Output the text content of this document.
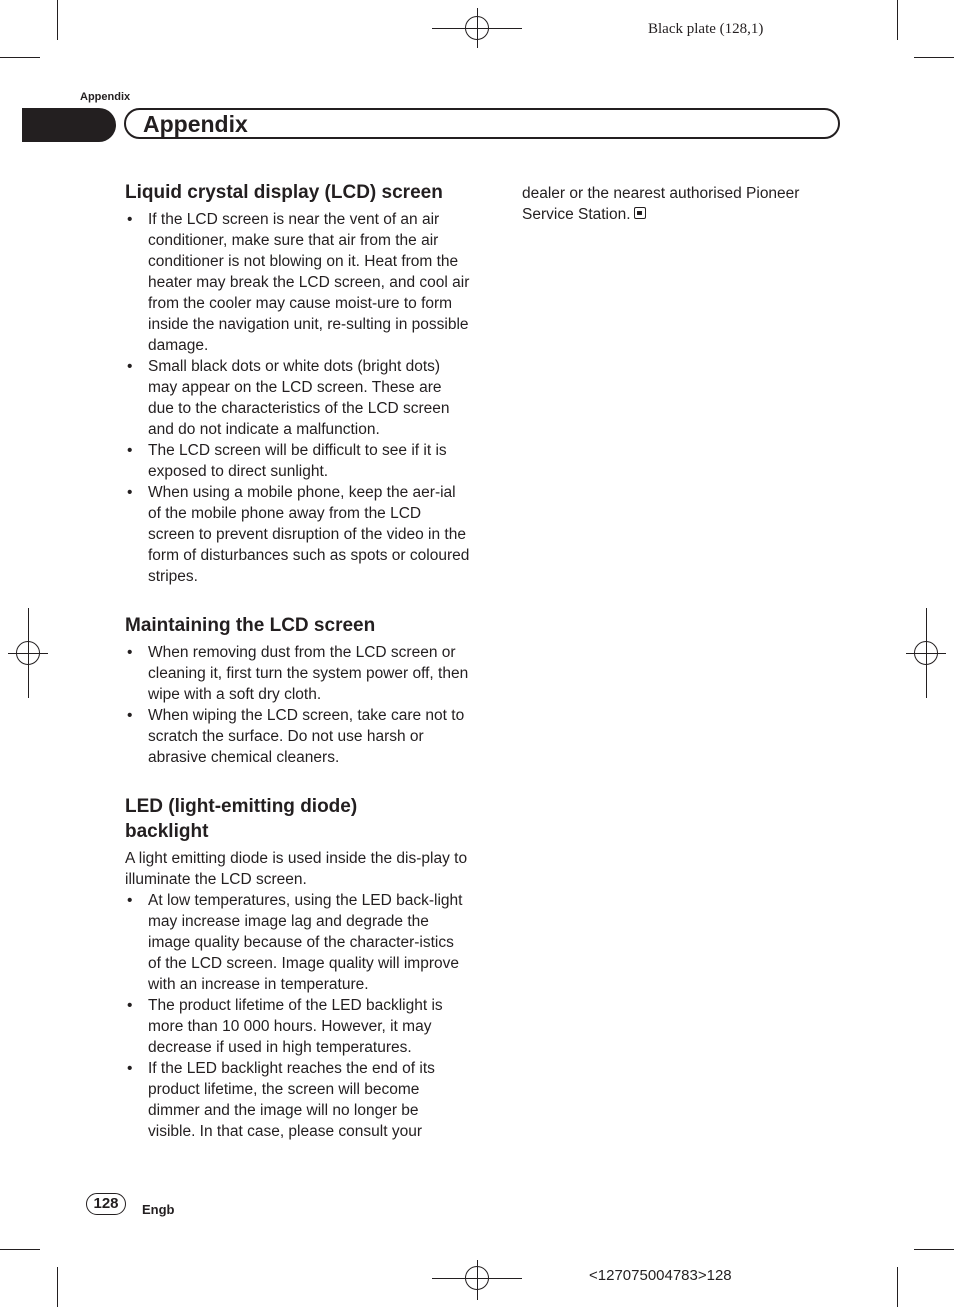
Black plate (128,1)
Appendix
Appendix
Liquid crystal display (LCD) screen
• If the LCD screen is near the vent of an air conditioner, make sure that air from the air conditioner is not blowing on it. Heat from the heater may break the LCD screen, and cool air from the cooler may cause moist-ure to form inside the navigation unit, re-sulting in possible damage.
• Small black dots or white dots (bright dots) may appear on the LCD screen. These are due to the characteristics of the LCD screen and do not indicate a malfunction.
• The LCD screen will be difficult to see if it is exposed to direct sunlight.
• When using a mobile phone, keep the aer-ial of the mobile phone away from the LCD screen to prevent disruption of the video in the form of disturbances such as spots or coloured stripes.
Maintaining the LCD screen
• When removing dust from the LCD screen or cleaning it, first turn the system power off, then wipe with a soft dry cloth.
• When wiping the LCD screen, take care not to scratch the surface. Do not use harsh or abrasive chemical cleaners.
LED (light-emitting diode) backlight

A light emitting diode is used inside the dis-play to illuminate the LCD screen.

• At low temperatures, using the LED back-light may increase image lag and degrade the image quality because of the character-istics of the LCD screen. Image quality will improve with an increase in temperature.
• The product lifetime of the LED backlight is more than 10 000 hours. However, it may decrease if used in high temperatures.
• If the LED backlight reaches the end of its product lifetime, the screen will become dimmer and the image will no longer be visible. In that case, please consult your

dealer or the nearest authorised Pioneer Service Station.

128	Engb
<127075004783>128
